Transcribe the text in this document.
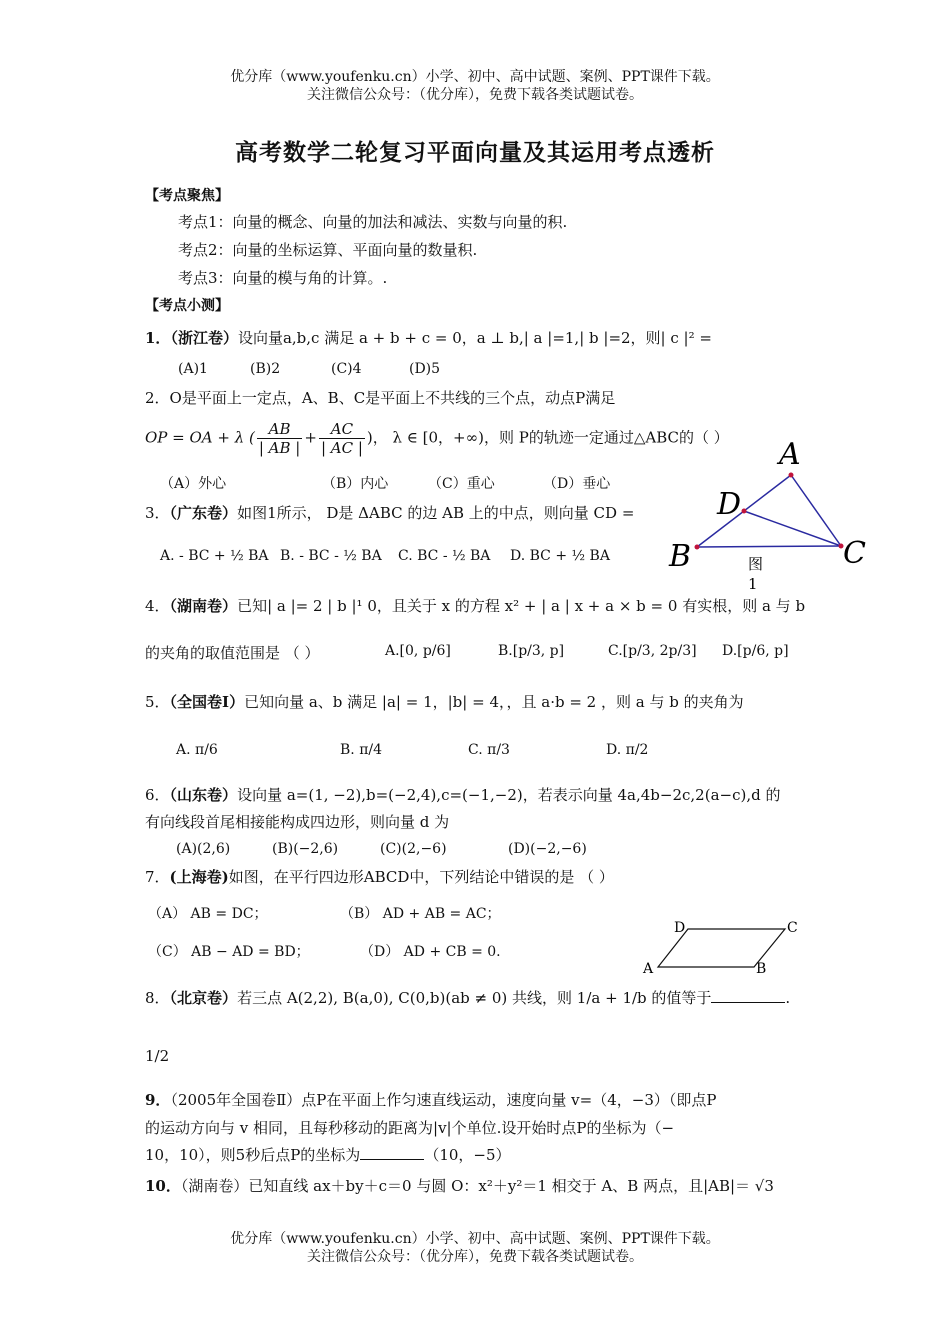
优分库（www.youfenku.cn）小学、初中、高中试题、案例、PPT课件下载。
关注微信公众号：（优分库），免费下载各类试题试卷。
高考数学二轮复习平面向量及其运用考点透析
【考点聚焦】
考点1：向量的概念、向量的加法和减法、实数与向量的积.
考点2：向量的坐标运算、平面向量的数量积.
考点3：向量的模与角的计算。.
【考点小测】
1．（浙江卷）设向量a,b,c 满足 a + b + c = 0，a ⊥ b,| a |=1,| b |=2，则| c |² =
(A)1	(B)2	(C)4	(D)5
2．O是平面上一定点，A、B、C是平面上不共线的三个点，动点P满足
OP = OA + λ ( $\frac{AB}{| AB |} + \frac{AC}{| AC |}$ )， λ ∈ [0，+∞)，则 P的轨迹一定通过△ABC的（ ）
（A）外心	（B）内心	（C）重心	（D）垂心
3．（广东卷）如图1所示， D是 ΔABC 的边 AB 上的中点，则向量 CD =
A. - BC + ½ BA B. - BC - ½ BA C. BC - ½ BA D. BC + ½ BA
A
B	C
D
图
1
4．（湖南卷）已知| a |= 2 | b |¹ 0，且关于 x 的方程 x² + | a | x + a × b = 0 有实根，则 a 与 b
的夹角的取值范围是 （ ）	A.[0, p/6]	B.[p/3, p]	C.[p/3, 2p/3] D.[p/6, p]
5．（全国卷Ⅰ）已知向量 a、b 满足 |a| = 1，|b| = 4，，且 a·b = 2 ，则 a 与 b 的夹角为
A. π/6	B. π/4	C. π/3	D. π/2
6．（山东卷）设向量 a=(1, −2),b=(−2,4),c=(−1,−2)，若表示向量 4a,4b−2c,2(a−c),d 的
有向线段首尾相接能构成四边形，则向量 d 为
(A)(2,6)	(B)(−2,6)	(C)(2,−6)	(D)(−2,−6)
7．(上海卷)如图，在平行四边形ABCD中，下列结论中错误的是 （ ）
（A） AB = DC；	（B） AD + AB = AC；
（C） AB − AD = BD；	（D） AD + CB = 0.
D	C
A	B
8．（北京卷）若三点 A(2,2), B(a,0), C(0,b)(ab ≠ 0) 共线，则 1/a + 1/b 的值等于	.
1/2
9．（2005年全国卷Ⅱ）点P在平面上作匀速直线运动，速度向量 v=（4，−3）（即点P
的运动方向与 v 相同，且每秒移动的距离为|v|个单位.设开始时点P的坐标为（−
10，10），则5秒后点P的坐标为	（10，−5）
10．（湖南卷）已知直线 ax＋by＋c＝0 与圆 O：x²＋y²＝1 相交于 A、B 两点，且|AB|＝ √3
优分库（www.youfenku.cn）小学、初中、高中试题、案例、PPT课件下载。
关注微信公众号：（优分库），免费下载各类试题试卷。
